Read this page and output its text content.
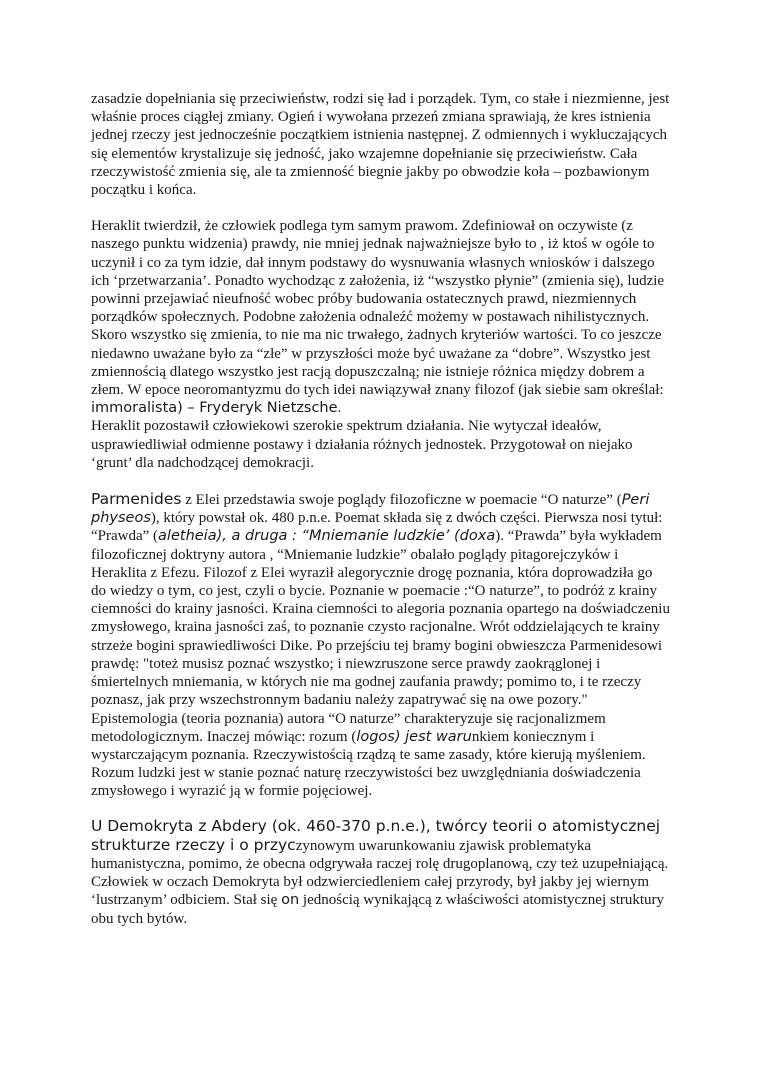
zasadzie dopełniania się przeciwieństw, rodzi się ład i porządek. Tym, co stałe i niezmienne, jest właśnie proces ciągłej zmiany. Ogień i wywołana przezeń zmiana sprawiają, że kres istnienia jednej rzeczy jest jednocześnie początkiem istnienia następnej. Z odmiennych i wykluczających się elementów krystalizuje się jedność, jako wzajemne dopełnianie się przeciwieństw. Cała rzeczywistość zmienia się, ale ta zmienność biegnie jakby po obwodzie koła – pozbawionym początku i końca.

Heraklit twierdził, że człowiek podlega tym samym prawom. Zdefiniował on oczywiste (z naszego punktu widzenia) prawdy, nie mniej jednak najważniejsze było to , iż ktoś w ogóle to uczynił i co za tym idzie, dał innym podstawy do wysnuwania własnych wniosków i dalszego ich ‘przetwarzania’. Ponadto wychodząc z założenia, iż “wszystko płynie” (zmienia się), ludzie powinni przejawiać nieufność wobec próby budowania ostatecznych prawd, niezmiennych porządków społecznych. Podobne założenia odnaleźć możemy w postawach nihilistycznych.

Skoro wszystko się zmienia, to nie ma nic trwałego, żadnych kryteriów wartości. To co jeszcze niedawno uważane było za “złe” w przyszłości może być uważane za “dobre”. Wszystko jest zmiennością dlatego wszystko jest racją dopuszczalną; nie istnieje różnica między dobrem a złem. W epoce neoromantyzmu do tych idei nawiązywał znany filozof (jak siebie sam określał: immoralista) – Fryderyk Nietzsche.

Heraklit pozostawił człowiekowi szerokie spektrum działania. Nie wytyczał ideałów, usprawiedliwiał odmienne postawy i działania różnych jednostek. Przygotował on niejako ‘grunt’ dla nadchodzącej demokracji.

Parmenides z Elei przedstawia swoje poglądy filozoficzne w poemacie “O naturze” (Peri physeos), który powstał ok. 480 p.n.e. Poemat składa się z dwóch części. Pierwsza nosi tytuł: “Prawda” (aletheia), a druga : “Mniemanie ludzkie’ (doxa). “Prawda” była wykładem filozoficznej doktryny autora , “Mniemanie ludzkie” obalało poglądy pitagorejczyków i Heraklita z Efezu. Filozof z Elei wyraził alegorycznie drogę poznania, która doprowadziła go do wiedzy o tym, co jest, czyli o bycie. Poznanie w poemacie :“O naturze”, to podróż z krainy ciemności do krainy jasności. Kraina ciemności to alegoria poznania opartego na doświadczeniu zmysłowego, kraina jasności zaś, to poznanie czysto racjonalne. Wrót oddzielających te krainy strzeże bogini sprawiedliwości Dike. Po przejściu tej bramy bogini obwieszcza Parmenidesowi prawdę: "toteż musisz poznać wszystko; i niewzruszone serce prawdy zaokrąglonej i śmiertelnych mniemania, w których nie ma godnej zaufania prawdy; pomimo to, i te rzeczy poznasz, jak przy wszechstronnym badaniu należy zapatrywać się na owe pozory."

Epistemologia (teoria poznania) autora “O naturze” charakteryzuje się racjonalizmem metodologicznym. Inaczej mówiąc: rozum (logos) jest warunkiem koniecznym i wystarczającym poznania. Rzeczywistością rządzą te same zasady, które kierują myśleniem. Rozum ludzki jest w stanie poznać naturę rzeczywistości bez uwzględniania doświadczenia zmysłowego i wyrazić ją w formie pojęciowej.

U Demokryta z Abdery (ok. 460-370 p.n.e.), twórcy teorii o atomistycznej strukturze rzeczy i o przyczynowym uwarunkowaniu zjawisk problematyka humanistyczna, pomimo, że obecna odgrywała raczej rolę drugoplanową, czy też uzupełniającą. Człowiek w oczach Demokryta był odzwierciedleniem całej przyrody, był jakby jej wiernym ‘lustrzanym’ odbiciem. Stał się on jednością wynikającą z właściwości atomistycznej struktury obu tych bytów.
